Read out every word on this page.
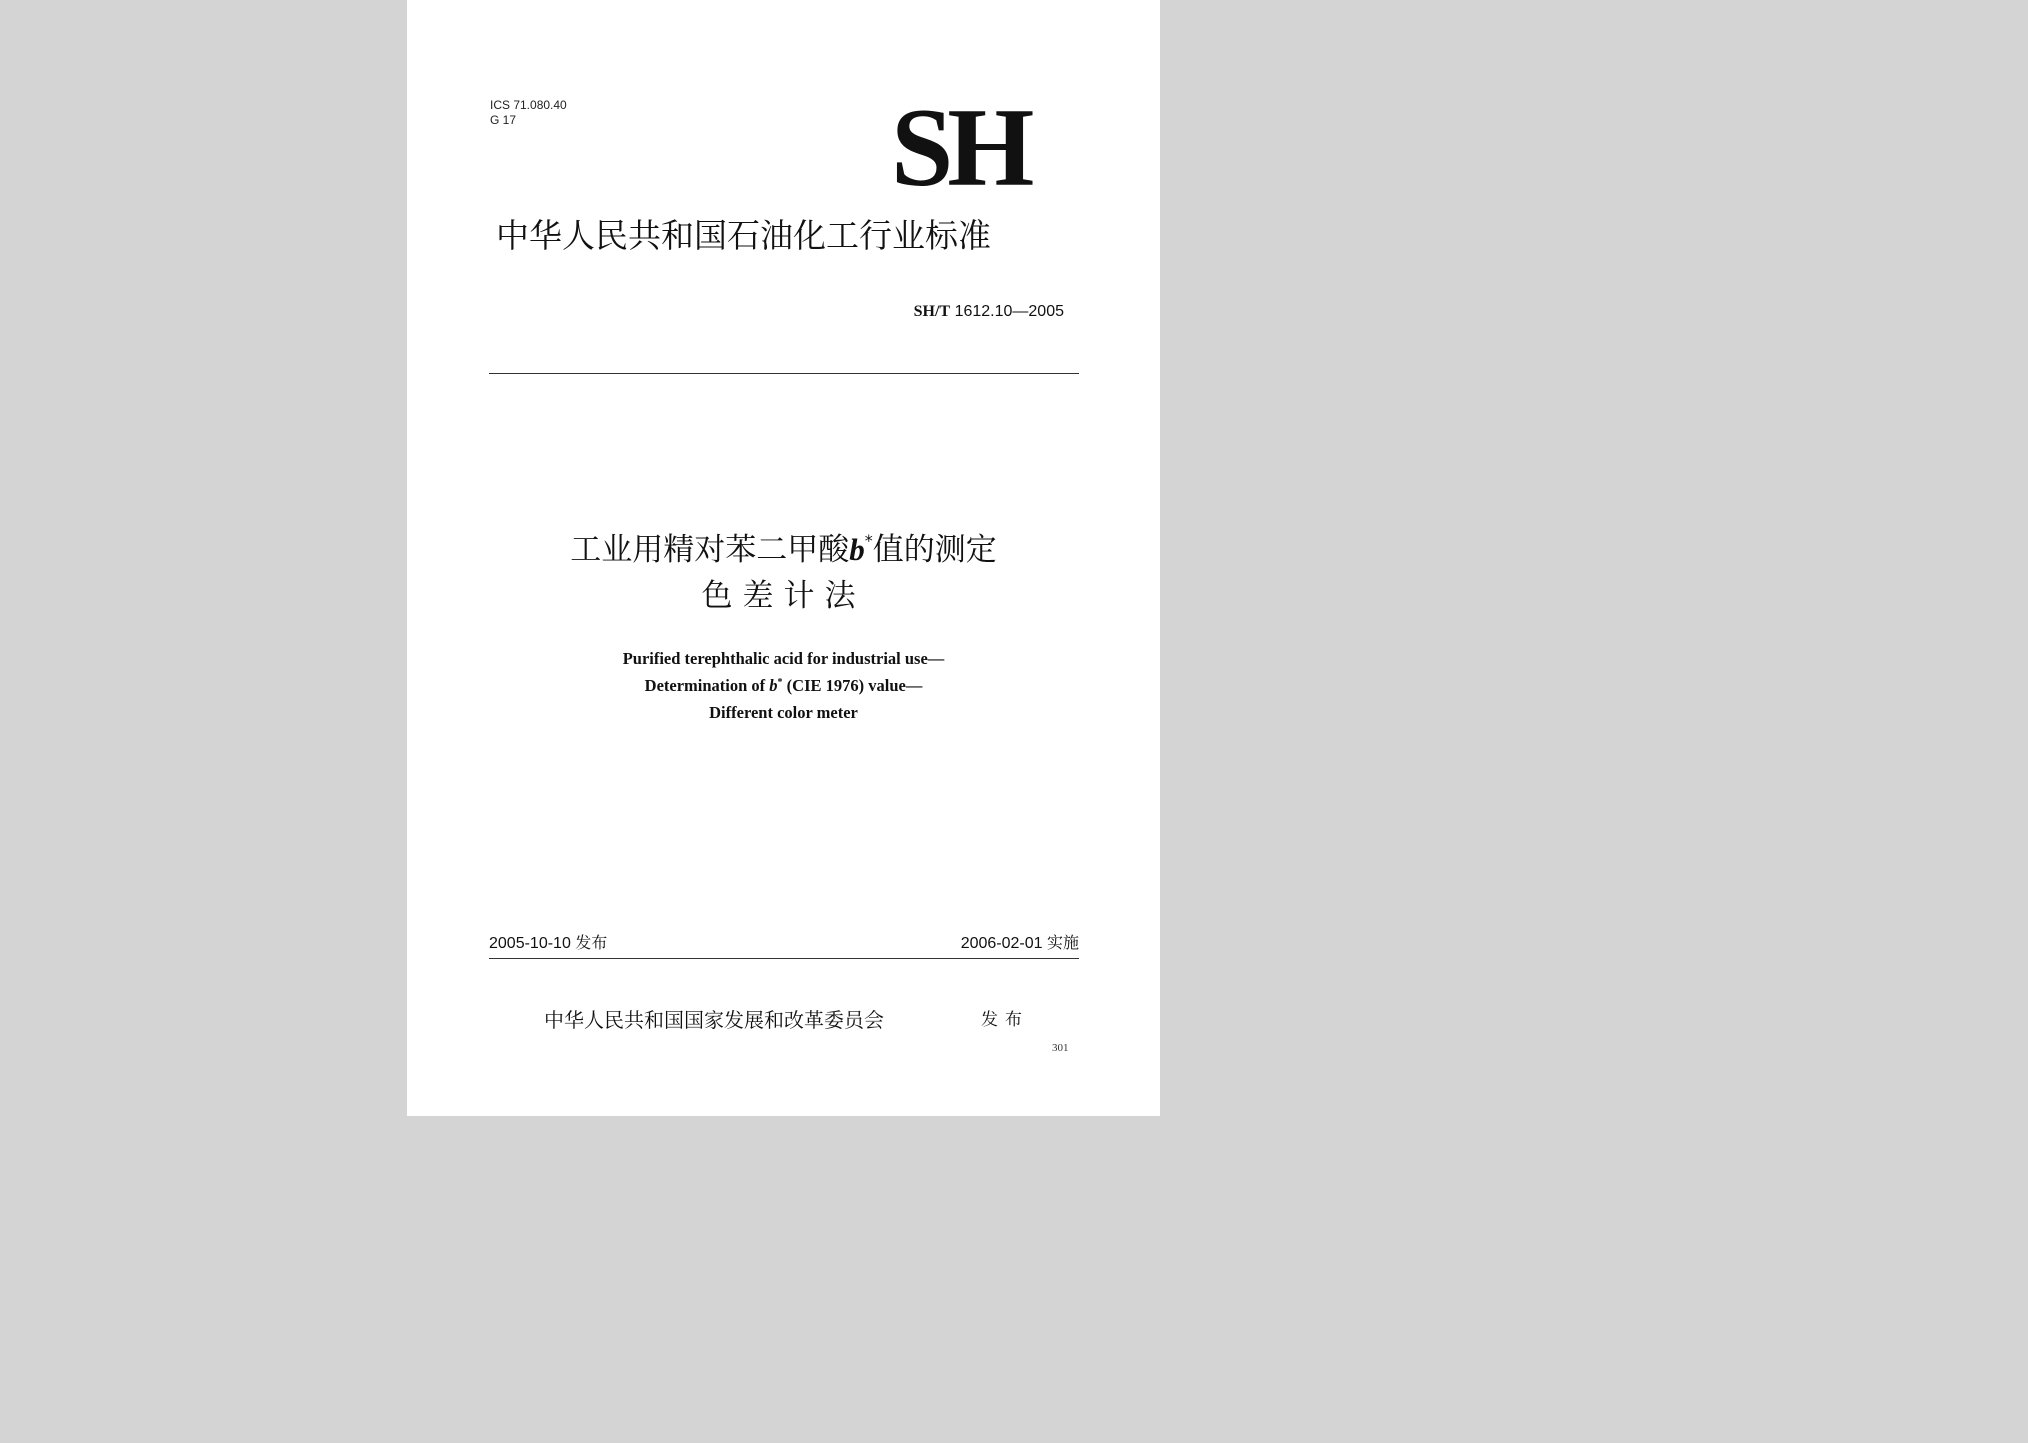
ICS 71.080.40
G 17	SH
中华人民共和国石油化工行业标准
SH/T 1612.10—2005
工业用精对苯二甲酸b*值的测定
色差计法
Purified terephthalic acid for industrial use—
Determination of b* (CIE 1976) value—
Different color meter
2005-10-10 发布	2006-02-01 实施
中华人民共和国国家发展和改革委员会	发布
301
